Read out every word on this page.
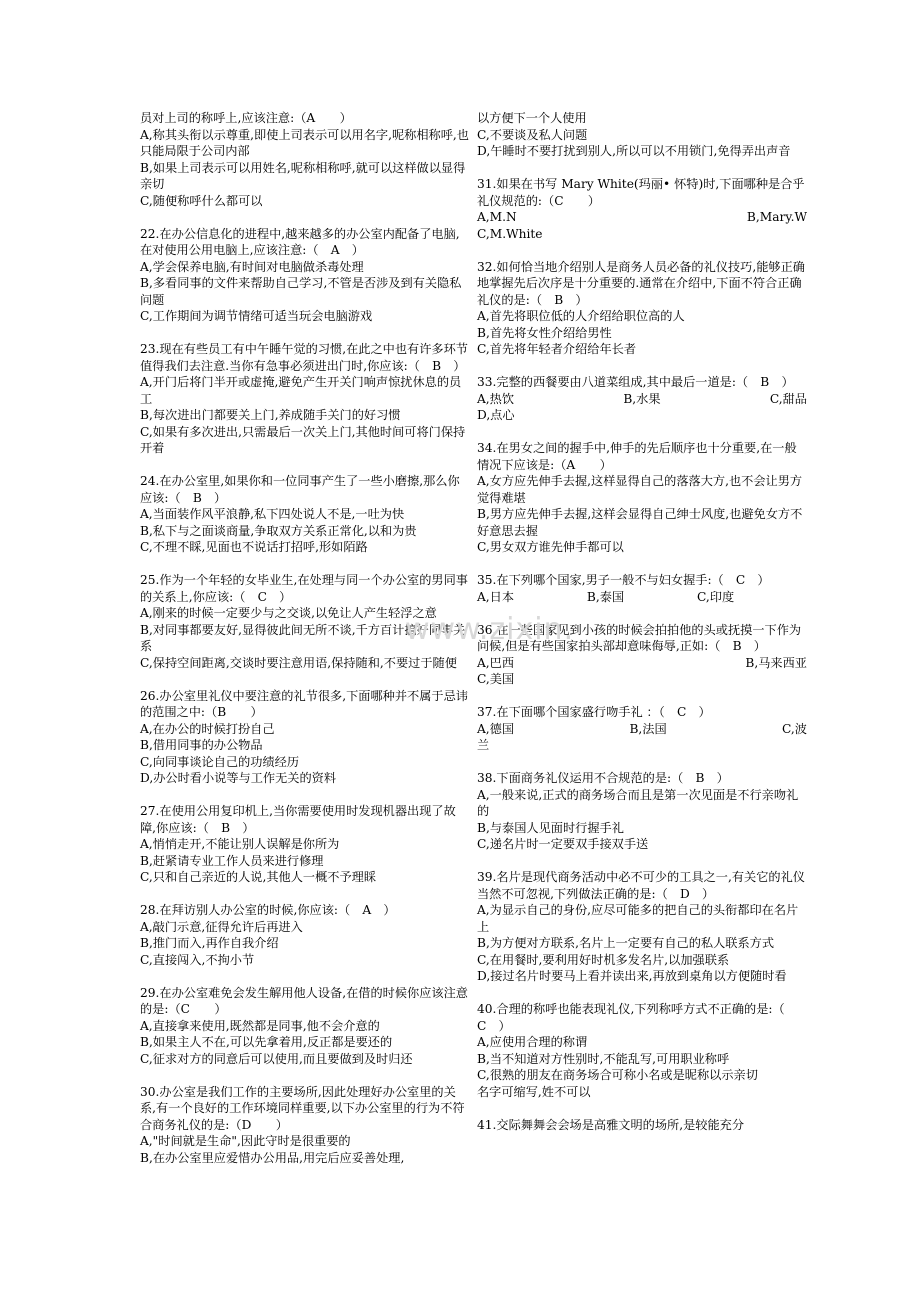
员对上司的称呼上,应该注意:（A　　）
A,称其头衔以示尊重,即使上司表示可以用名字,呢称相称呼,也只能局限于公司内部
B,如果上司表示可以用姓名,呢称相称呼,就可以这样做以显得亲切
C,随便称呼什么都可以
22.在办公信息化的进程中,越来越多的办公室内配备了电脑,在对使用公用电脑上,应该注意:（　A　）
A,学会保养电脑,有时间对电脑做杀毒处理
B,多看同事的文件来帮助自己学习,不管是否涉及到有关隐私问题
C,工作期间为调节情绪可适当玩会电脑游戏
23.现在有些员工有中午睡午觉的习惯,在此之中也有许多环节值得我们去注意.当你有急事必须进出门时,你应该:（　B　）
A,开门后将门半开或虚掩,避免产生开关门响声惊扰休息的员工
B,每次进出门都要关上门,养成随手关门的好习惯
C,如果有多次进出,只需最后一次关上门,其他时间可将门保持开着
24.在办公室里,如果你和一位同事产生了一些小磨擦,那么你应该:（　B　）
A,当面装作风平浪静,私下四处说人不是,一吐为快
B,私下与之面谈商量,争取双方关系正常化,以和为贵
C,不理不睬,见面也不说话打招呼,形如陌路
25.作为一个年轻的女毕业生,在处理与同一个办公室的男同事的关系上,你应该:（　C　）
A,刚来的时候一定要少与之交谈,以免让人产生轻浮之意
B,对同事都要友好,显得彼此间无所不谈,千方百计搞好同事关系
C,保持空间距离,交谈时要注意用语,保持随和,不要过于随便
26.办公室里礼仪中要注意的礼节很多,下面哪种并不属于忌讳的范围之中:（B　　）
A,在办公的时候打扮自己
B,借用同事的办公物品
C,向同事谈论自己的功绩经历
D,办公时看小说等与工作无关的资料
27.在使用公用复印机上,当你需要使用时发现机器出现了故障,你应该:（　B　）
A,悄悄走开,不能让别人误解是你所为
B,赶紧请专业工作人员来进行修理
C,只和自己亲近的人说,其他人一概不予理睬
28.在拜访别人办公室的时候,你应该:（　A　）
A,敲门示意,征得允许后再进入
B,推门而入,再作自我介绍
C,直接闯入,不拘小节
29.在办公室难免会发生解用他人设备,在借的时候你应该注意的是:（C　　）
A,直接拿来使用,既然都是同事,他不会介意的
B,如果主人不在,可以先拿着用,反正都是要还的
C,征求对方的同意后可以使用,而且要做到及时归还
30.办公室是我们工作的主要场所,因此处理好办公室里的关系,有一个良好的工作环境同样重要,以下办公室里的行为不符合商务礼仪的是:（D　　）
A,"时间就是生命",因此守时是很重要的
B,在办公室里应爱惜办公用品,用完后应妥善处理,
以方便下一个人使用
C,不要谈及私人问题
D,午睡时不要打扰到别人,所以可以不用锁门,免得弄出声音
31.如果在书写 Mary White(玛丽• 怀特)时,下面哪种是合乎礼仪规范的:（C　　）
A,M.N	B,Mary.W
C,M.White
32.如何恰当地介绍别人是商务人员必备的礼仪技巧,能够正确地掌握先后次序是十分重要的.通常在介绍中,下面不符合正确礼仪的是:（　B　）
A,首先将职位低的人介绍给职位高的人
B,首先将女性介绍给男性
C,首先将年轻者介绍给年长者
33.完整的西餐要由八道菜组成,其中最后一道是:（　B　）
A,热饮	B,水果	C,甜品
D,点心
34.在男女之间的握手中,伸手的先后顺序也十分重要,在一般情况下应该是:（A　　）
A,女方应先伸手去握,这样显得自己的落落大方,也不会让男方觉得难堪
B,男方应先伸手去握,这样会显得自己绅士风度,也避免女方不好意思去握
C,男女双方谁先伸手都可以
35.在下列哪个国家,男子一般不与妇女握手:（　C　）
A,日本	B,泰国	C,印度
36.在一些国家见到小孩的时候会拍拍他的头或抚摸一下作为问候,但是有些国家拍头部却意味侮辱,正如:（　B　）
A,巴西	B,马来西亚
C,美国
37.在下面哪个国家盛行吻手礼 ：（　C　）
A,德国	B,法国	C,波
兰
38.下面商务礼仪运用不合规范的是:（　B　）
A,一般来说,正式的商务场合而且是第一次见面是不行亲吻礼的
B,与泰国人见面时行握手礼
C,递名片时一定要双手接双手送
39.名片是现代商务活动中必不可少的工具之一,有关它的礼仪当然不可忽视,下列做法正确的是:（　D　）
A,为显示自己的身份,应尽可能多的把自己的头衔都印在名片上
B,为方便对方联系,名片上一定要有自己的私人联系方式
C,在用餐时,要利用好时机多发名片,以加强联系
D,接过名片时要马上看并读出来,再放到桌角以方便随时看
40.合理的称呼也能表现礼仪,下列称呼方式不正确的是:（　C　）
A,应使用合理的称谓
B,当不知道对方性别时,不能乱写,可用职业称呼
C,很熟的朋友在商务场合可称小名或是昵称以示亲切
名字可缩写,姓不可以
41.交际舞舞会会场是高雅文明的场所,是较能充分
www.zixin.
